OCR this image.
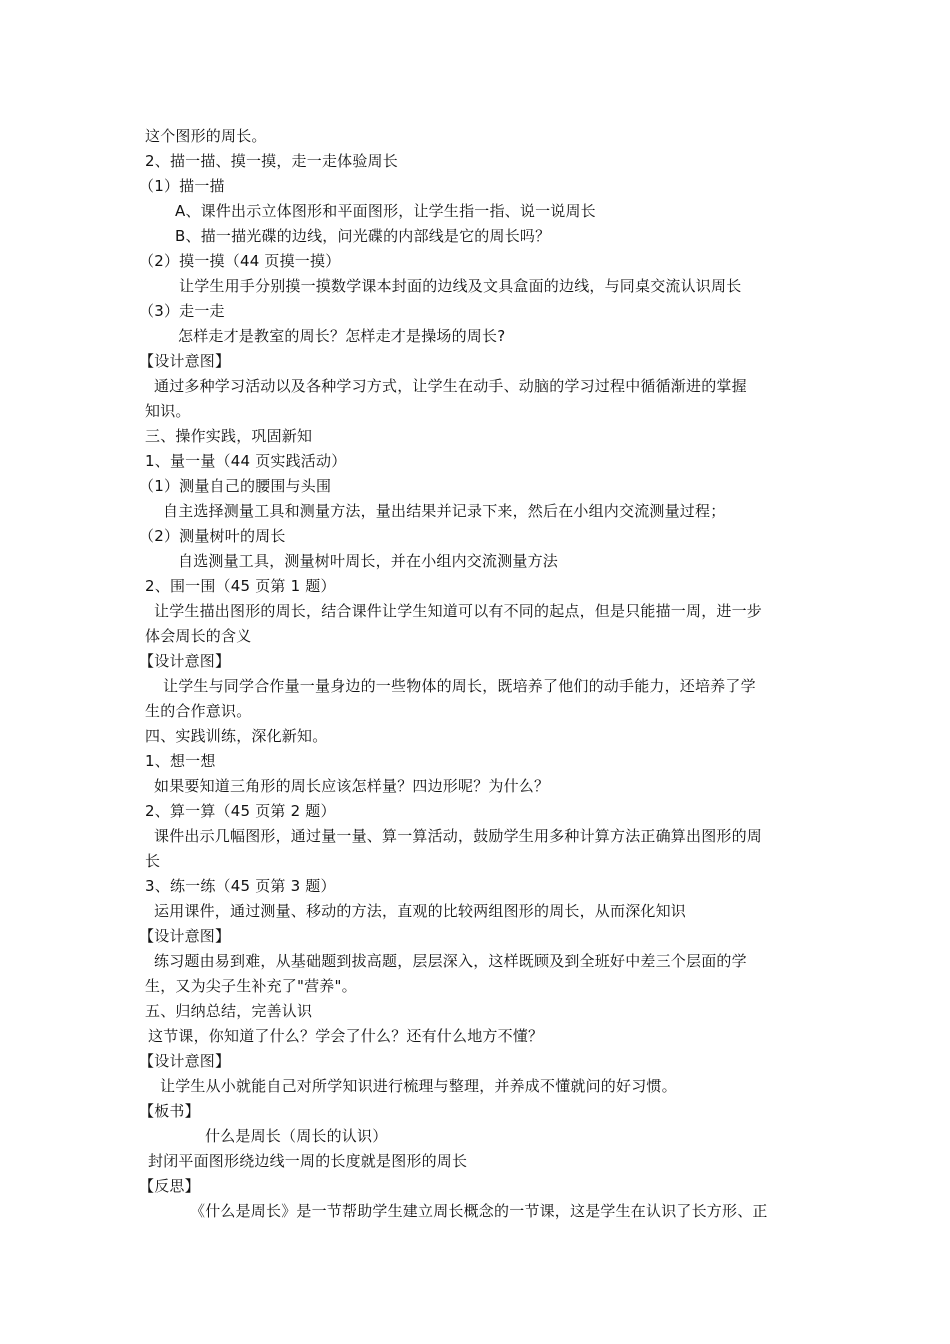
这个图形的周长。
2、描一描、摸一摸，走一走体验周长
（1）描一描
A、课件出示立体图形和平面图形，让学生指一指、说一说周长
B、描一描光碟的边线，问光碟的内部线是它的周长吗？
（2）摸一摸（44 页摸一摸）
让学生用手分别摸一摸数学课本封面的边线及文具盒面的边线，与同桌交流认识周长
（3）走一走
怎样走才是教室的周长？怎样走才是操场的周长?
【设计意图】
通过多种学习活动以及各种学习方式，让学生在动手、动脑的学习过程中循循渐进的掌握
知识。
三、操作实践，巩固新知
1、量一量（44 页实践活动）
（1）测量自己的腰围与头围
自主选择测量工具和测量方法，量出结果并记录下来，然后在小组内交流测量过程；
（2）测量树叶的周长
自选测量工具，测量树叶周长，并在小组内交流测量方法
2、围一围（45 页第 1 题）
让学生描出图形的周长，结合课件让学生知道可以有不同的起点，但是只能描一周，进一步
体会周长的含义
【设计意图】
让学生与同学合作量一量身边的一些物体的周长，既培养了他们的动手能力，还培养了学
生的合作意识。
四、实践训练，深化新知。
1、想一想
如果要知道三角形的周长应该怎样量？四边形呢？为什么？
2、算一算（45 页第 2 题）
课件出示几幅图形，通过量一量、算一算活动，鼓励学生用多种计算方法正确算出图形的周
长
3、练一练（45 页第 3 题）
运用课件，通过测量、移动的方法，直观的比较两组图形的周长，从而深化知识
【设计意图】
练习题由易到难，从基础题到拔高题，层层深入，这样既顾及到全班好中差三个层面的学
生，又为尖子生补充了"营养"。
五、归纳总结，完善认识
这节课，你知道了什么？学会了什么？还有什么地方不懂？
【设计意图】
让学生从小就能自己对所学知识进行梳理与整理，并养成不懂就问的好习惯。
【板书】
什么是周长（周长的认识）
封闭平面图形绕边线一周的长度就是图形的周长
【反思】
《什么是周长》是一节帮助学生建立周长概念的一节课，这是学生在认识了长方形、正
